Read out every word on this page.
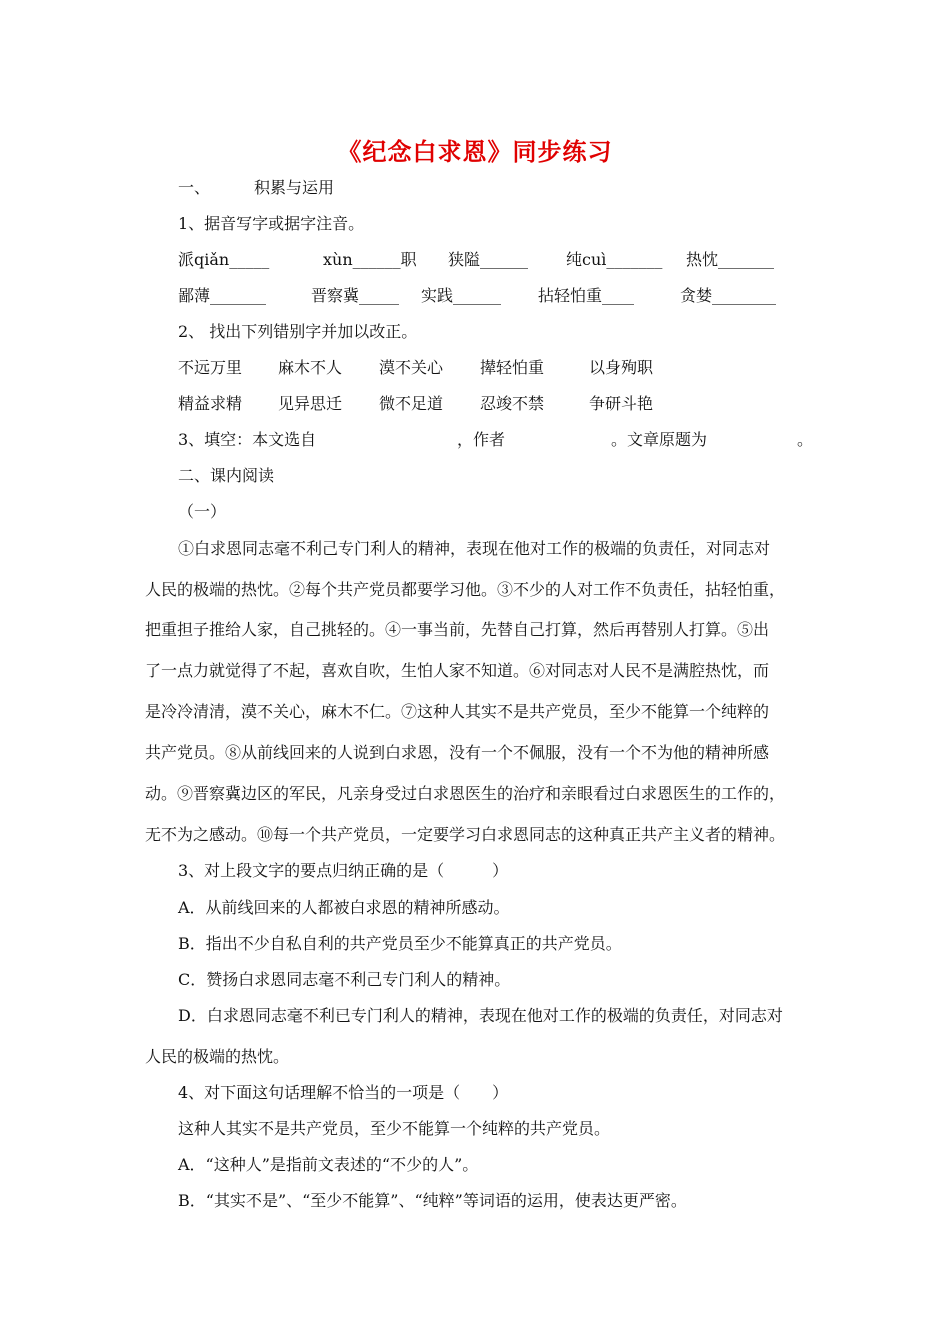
《纪念白求恩》同步练习
一、	积累与运用
1、据音写字或据字注音。
派qiǎn_____	xùn______职 狭隘______ 纯cuì_______ 热忱_______
鄙薄_______	晋察冀_____ 实践______ 拈轻怕重____	贪婪________
2、 找出下列错别字并加以改正。
不远万里 麻木不人 漠不关心 撵轻怕重	以身殉职
精益求精 见异思迁 微不足道 忍竣不禁	争研斗艳
3、填空：本文选自	，作者	。文章原题为	。
二、课内阅读
（一）
①白求恩同志毫不利己专门利人的精神，表现在他对工作的极端的负责任，对同志对
人民的极端的热忱。②每个共产党员都要学习他。③不少的人对工作不负责任，拈轻怕重，
把重担子推给人家，自己挑轻的。④一事当前，先替自己打算，然后再替别人打算。⑤出
了一点力就觉得了不起，喜欢自吹，生怕人家不知道。⑥对同志对人民不是满腔热忱，而
是冷冷清清，漠不关心，麻木不仁。⑦这种人其实不是共产党员，至少不能算一个纯粹的
共产党员。⑧从前线回来的人说到白求恩，没有一个不佩服，没有一个不为他的精神所感
动。⑨晋察冀边区的军民，凡亲身受过白求恩医生的治疗和亲眼看过白求恩医生的工作的，
无不为之感动。⑩每一个共产党员，一定要学习白求恩同志的这种真正共产主义者的精神。
3、对上段文字的要点归纳正确的是（　　　）
A．从前线回来的人都被白求恩的精神所感动。
B．指出不少自私自利的共产党员至少不能算真正的共产党员。
C．赞扬白求恩同志毫不利己专门利人的精神。
D．白求恩同志毫不利已专门利人的精神，表现在他对工作的极端的负责任，对同志对
人民的极端的热忱。
4、对下面这句话理解不恰当的一项是（　　）
这种人其实不是共产党员，至少不能算一个纯粹的共产党员。
A．“这种人”是指前文表述的“不少的人”。
B．“其实不是”、“至少不能算”、“纯粹”等词语的运用，使表达更严密。
